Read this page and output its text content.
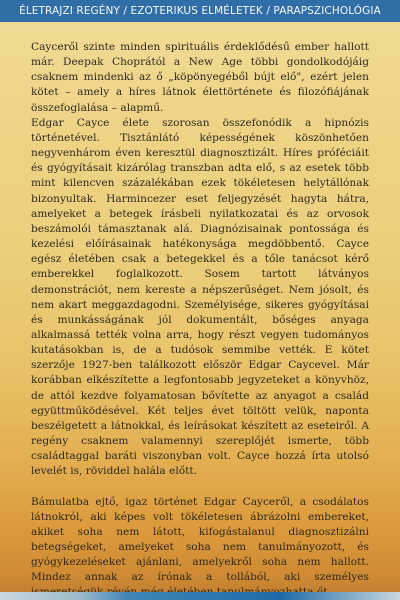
ÉLETRAJZI REGÉNY / EZOTERIKUS ELMÉLETEK / PARAPSZICHOLÓGIA

Cayceről szinte minden spirituális érdeklődésű ember hallott már. Deepak Choprától a New Age többi gondolkodójáig csaknem mindenki az ő „köpönyegéből bújt elő", ezért jelen kötet – amely a híres látnok élettörténete és filozófiájának összefoglalása – alapmű.

Edgar Cayce élete szorosan összefonódik a hipnózis történetével. Tisztánlátó képességének köszönhetően negyvenhárom éven keresztül diagnosztizált. Híres próféciáit és gyógyításait kizárólag transzban adta elő, s az esetek több mint kilencven százalékában ezek tökéletesen helytállónak bizonyultak. Harmincezer eset feljegyzését hagyta hátra, amelyeket a betegek írásbeli nyilatkozatai és az orvosok beszámolói támasztanak alá. Diagnózisainak pontossága és kezelési előírásainak hatékonysága megdöbbentő. Cayce egész életében csak a betegekkel és a tőle tanácsot kérő emberekkel foglalkozott. Sosem tartott látványos demonstrációt, nem kereste a népszerűséget. Nem jósolt, és nem akart meggazdagodni. Személyisége, sikeres gyógyításai és munkásságának jól dokumentált, bőséges anyaga alkalmassá tették volna arra, hogy részt vegyen tudományos kutatásokban is, de a tudósok semmibe vették. E kötet szerzője 1927-ben találkozott először Edgar Caycevel. Már korábban elkészítette a legfontosabb jegyzeteket a könyvhöz, de attól kezdve folyamatosan bővítette az anyagot a család együttműködésével. Két teljes évet töltött velük, naponta beszélgetett a látnokkal, és leírásokat készített az eseteiről. A regény csaknem valamennyi szereplőjét ismerte, több családtaggal baráti viszonyban volt. Cayce hozzá írta utolsó levelét is, röviddel halála előtt.

Bámulatba ejtő, igaz történet Edgar Cayceről, a csodálatos látnokról, aki képes volt tökéletesen ábrázolni embereket, akiket soha nem látott, kifogástalanul diagnosztizálni betegségeket, amelyeket soha nem tanulmányozott, és gyógykezeléseket ajánlani, amelyekről soha nem hallott. Mindez annak az írónak a tollából, aki személyes
